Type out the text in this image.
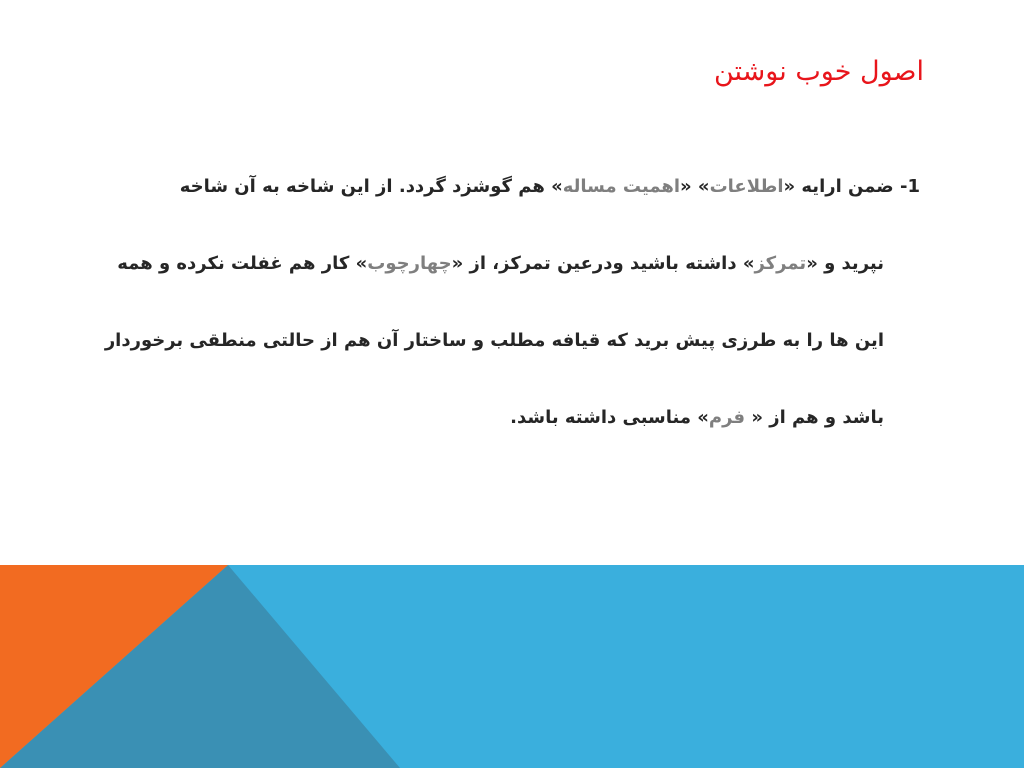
اصول خوب نوشتن
1- ضمن ارایه «اطلاعات» «اهمیت مساله» هم گوشزد گردد. از این شاخه به آن شاخه
نپرید و «تمرکز» داشته باشید ودرعین تمرکز، از «چهارچوب» کار هم غفلت نکرده و همه
این ها را به طرزی پیش برید که قیافه مطلب و ساختار آن هم از حالتی منطقی برخوردار
باشد و هم از « فرم» مناسبی داشته باشد.
